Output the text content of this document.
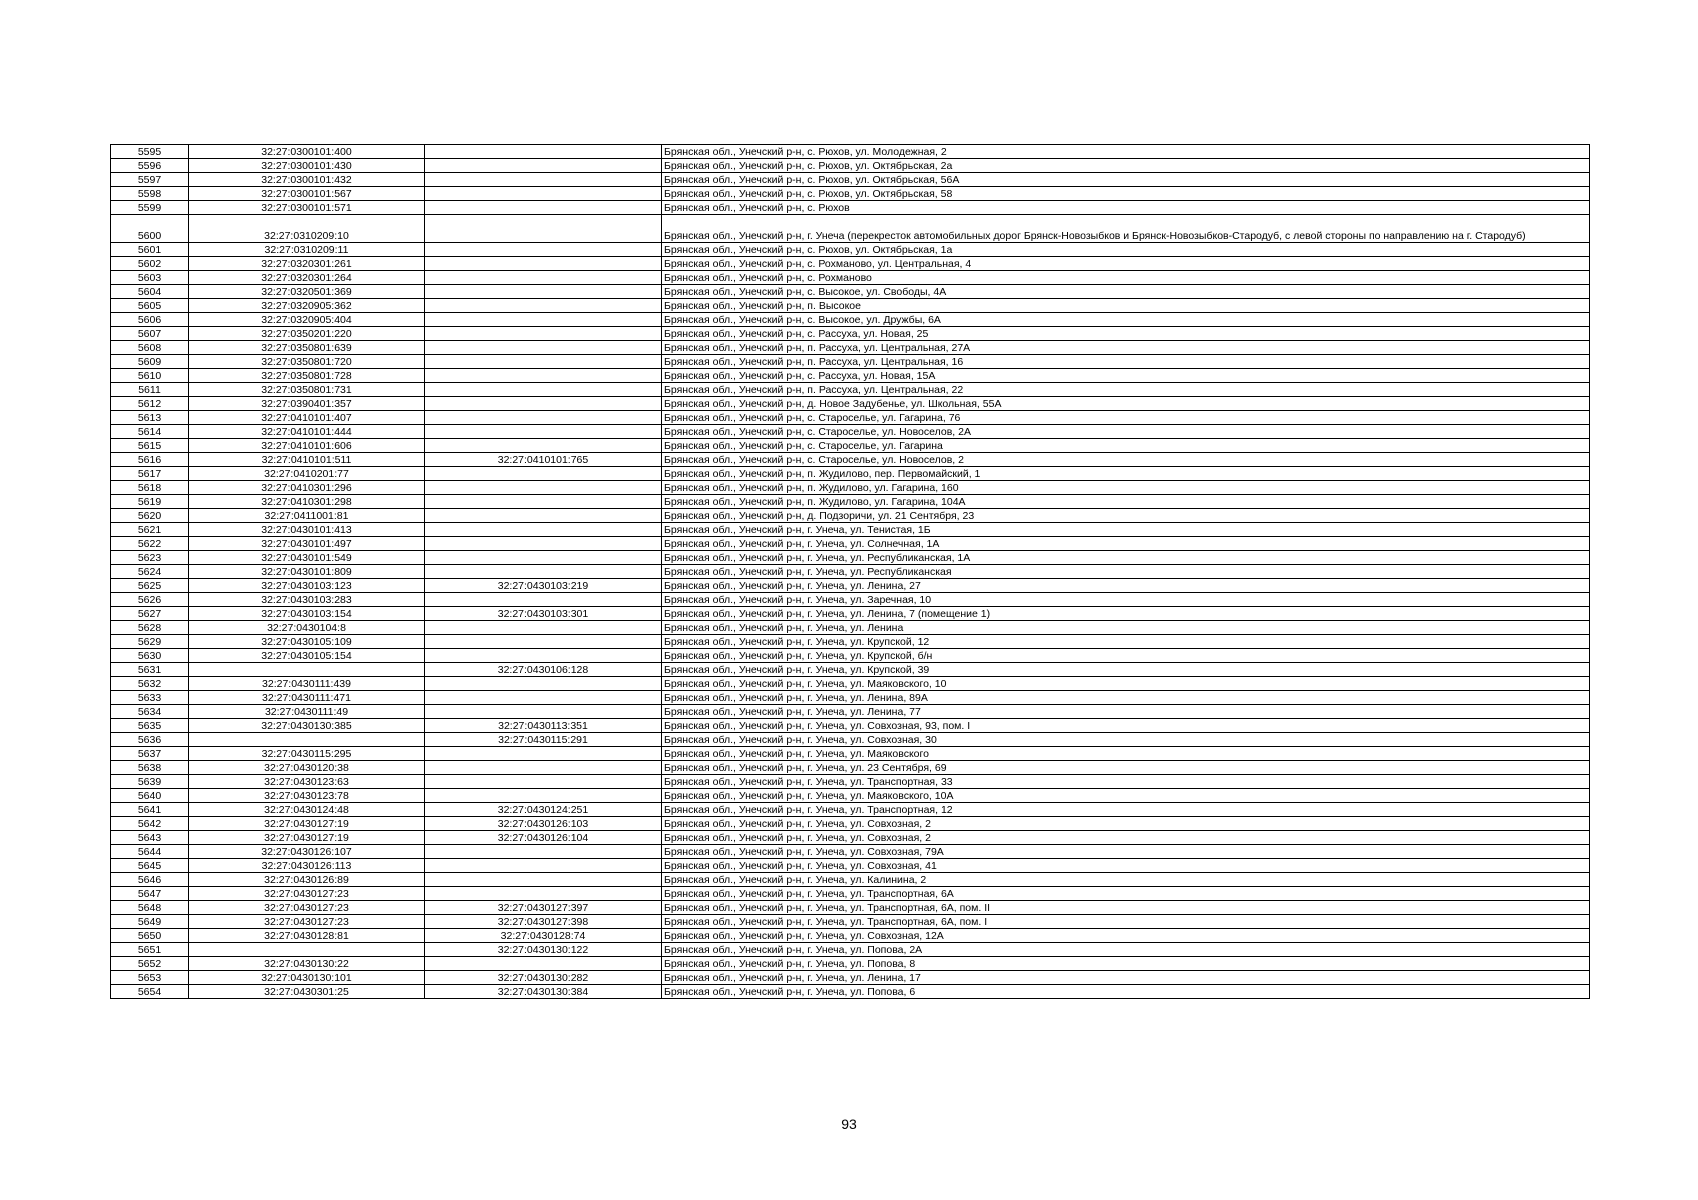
5595	32:27:0300101:400		Брянская обл., Унечский р-н, с. Рюхов, ул. Молодежная, 2
5596	32:27:0300101:430		Брянская обл., Унечский р-н, с. Рюхов, ул. Октябрьская, 2а
5597	32:27:0300101:432		Брянская обл., Унечский р-н, с. Рюхов, ул. Октябрьская, 56А
5598	32:27:0300101:567		Брянская обл., Унечский р-н, с. Рюхов, ул. Октябрьская, 58
5599	32:27:0300101:571		Брянская обл., Унечский р-н, с. Рюхов
5600	32:27:0310209:10		Брянская обл., Унечский р-н, г. Унеча (перекресток автомобильных дорог Брянск-Новозыбков и Брянск-Новозыбков-Стародуб, с левой стороны по направлению на г. Стародуб)
5601	32:27:0310209:11		Брянская обл., Унечский р-н, с. Рюхов, ул. Октябрьская, 1а
5602	32:27:0320301:261		Брянская обл., Унечский р-н, с. Рохманово, ул. Центральная, 4
5603	32:27:0320301:264		Брянская обл., Унечский р-н, с. Рохманово
5604	32:27:0320501:369		Брянская обл., Унечский р-н, с. Высокое, ул. Свободы, 4А
5605	32:27:0320905:362		Брянская обл., Унечский р-н, п. Высокое
5606	32:27:0320905:404		Брянская обл., Унечский р-н, с. Высокое, ул. Дружбы, 6А
5607	32:27:0350201:220		Брянская обл., Унечский р-н, с. Рассуха, ул. Новая, 25
5608	32:27:0350801:639		Брянская обл., Унечский р-н, п. Рассуха, ул. Центральная, 27А
5609	32:27:0350801:720		Брянская обл., Унечский р-н, п. Рассуха, ул. Центральная, 16
5610	32:27:0350801:728		Брянская обл., Унечский р-н, с. Рассуха, ул. Новая, 15А
5611	32:27:0350801:731		Брянская обл., Унечский р-н, п. Рассуха, ул. Центральная, 22
5612	32:27:0390401:357		Брянская обл., Унечский р-н, д. Новое Задубенье, ул. Школьная, 55А
5613	32:27:0410101:407		Брянская обл., Унечский р-н, с. Староселье, ул. Гагарина, 76
5614	32:27:0410101:444		Брянская обл., Унечский р-н, с. Староселье, ул. Новоселов, 2А
5615	32:27:0410101:606		Брянская обл., Унечский р-н, с. Староселье, ул. Гагарина
5616	32:27:0410101:511	32:27:0410101:765	Брянская обл., Унечский р-н, с. Староселье, ул. Новоселов, 2
5617	32:27:0410201:77		Брянская обл., Унечский р-н, п. Жудилово, пер. Первомайский, 1
5618	32:27:0410301:296		Брянская обл., Унечский р-н, п. Жудилово, ул. Гагарина, 160
5619	32:27:0410301:298		Брянская обл., Унечский р-н, п. Жудилово, ул. Гагарина, 104А
5620	32:27:0411001:81		Брянская обл., Унечский р-н, д. Подзоричи, ул. 21 Сентября, 23
5621	32:27:0430101:413		Брянская обл., Унечский р-н, г. Унеча, ул. Тенистая, 1Б
5622	32:27:0430101:497		Брянская обл., Унечский р-н, г. Унеча, ул. Солнечная, 1А
5623	32:27:0430101:549		Брянская обл., Унечский р-н, г. Унеча, ул. Республиканская, 1А
5624	32:27:0430101:809		Брянская обл., Унечский р-н, г. Унеча, ул. Республиканская
5625	32:27:0430103:123	32:27:0430103:219	Брянская обл., Унечский р-н, г. Унеча, ул. Ленина, 27
5626	32:27:0430103:283		Брянская обл., Унечский р-н, г. Унеча, ул. Заречная, 10
5627	32:27:0430103:154	32:27:0430103:301	Брянская обл., Унечский р-н, г. Унеча, ул. Ленина, 7 (помещение 1)
5628	32:27:0430104:8		Брянская обл., Унечский р-н, г. Унеча, ул. Ленина
5629	32:27:0430105:109		Брянская обл., Унечский р-н, г. Унеча, ул. Крупской, 12
5630	32:27:0430105:154		Брянская обл., Унечский р-н, г. Унеча, ул. Крупской, б/н
5631		32:27:0430106:128	Брянская обл., Унечский р-н, г. Унеча, ул. Крупской, 39
5632	32:27:0430111:439		Брянская обл., Унечский р-н, г. Унеча, ул. Маяковского, 10
5633	32:27:0430111:471		Брянская обл., Унечский р-н, г. Унеча, ул. Ленина, 89А
5634	32:27:0430111:49		Брянская обл., Унечский р-н, г. Унеча, ул. Ленина, 77
5635	32:27:0430130:385	32:27:0430113:351	Брянская обл., Унечский р-н, г. Унеча, ул. Совхозная, 93, пом. I
5636		32:27:0430115:291	Брянская обл., Унечский р-н, г. Унеча, ул. Совхозная, 30
5637	32:27:0430115:295		Брянская обл., Унечский р-н, г. Унеча, ул. Маяковского
5638	32:27:0430120:38		Брянская обл., Унечский р-н, г. Унеча, ул. 23 Сентября, 69
5639	32:27:0430123:63		Брянская обл., Унечский р-н, г. Унеча, ул. Транспортная, 33
5640	32:27:0430123:78		Брянская обл., Унечский р-н, г. Унеча, ул. Маяковского, 10А
5641	32:27:0430124:48	32:27:0430124:251	Брянская обл., Унечский р-н, г. Унеча, ул. Транспортная, 12
5642	32:27:0430127:19	32:27:0430126:103	Брянская обл., Унечский р-н, г. Унеча, ул. Совхозная, 2
5643	32:27:0430127:19	32:27:0430126:104	Брянская обл., Унечский р-н, г. Унеча, ул. Совхозная, 2
5644	32:27:0430126:107		Брянская обл., Унечский р-н, г. Унеча, ул. Совхозная, 79А
5645	32:27:0430126:113		Брянская обл., Унечский р-н, г. Унеча, ул. Совхозная, 41
5646	32:27:0430126:89		Брянская обл., Унечский р-н, г. Унеча, ул. Калинина, 2
5647	32:27:0430127:23		Брянская обл., Унечский р-н, г. Унеча, ул. Транспортная, 6А
5648	32:27:0430127:23	32:27:0430127:397	Брянская обл., Унечский р-н, г. Унеча, ул. Транспортная, 6А, пом. II
5649	32:27:0430127:23	32:27:0430127:398	Брянская обл., Унечский р-н, г. Унеча, ул. Транспортная, 6А, пом. I
5650	32:27:0430128:81	32:27:0430128:74	Брянская обл., Унечский р-н, г. Унеча, ул. Совхозная, 12А
5651		32:27:0430130:122	Брянская обл., Унечский р-н, г. Унеча, ул. Попова, 2А
5652	32:27:0430130:22		Брянская обл., Унечский р-н, г. Унеча, ул. Попова, 8
5653	32:27:0430130:101	32:27:0430130:282	Брянская обл., Унечский р-н, г. Унеча, ул. Ленина, 17
5654	32:27:0430301:25	32:27:0430130:384	Брянская обл., Унечский р-н, г. Унеча, ул. Попова, 6
93
